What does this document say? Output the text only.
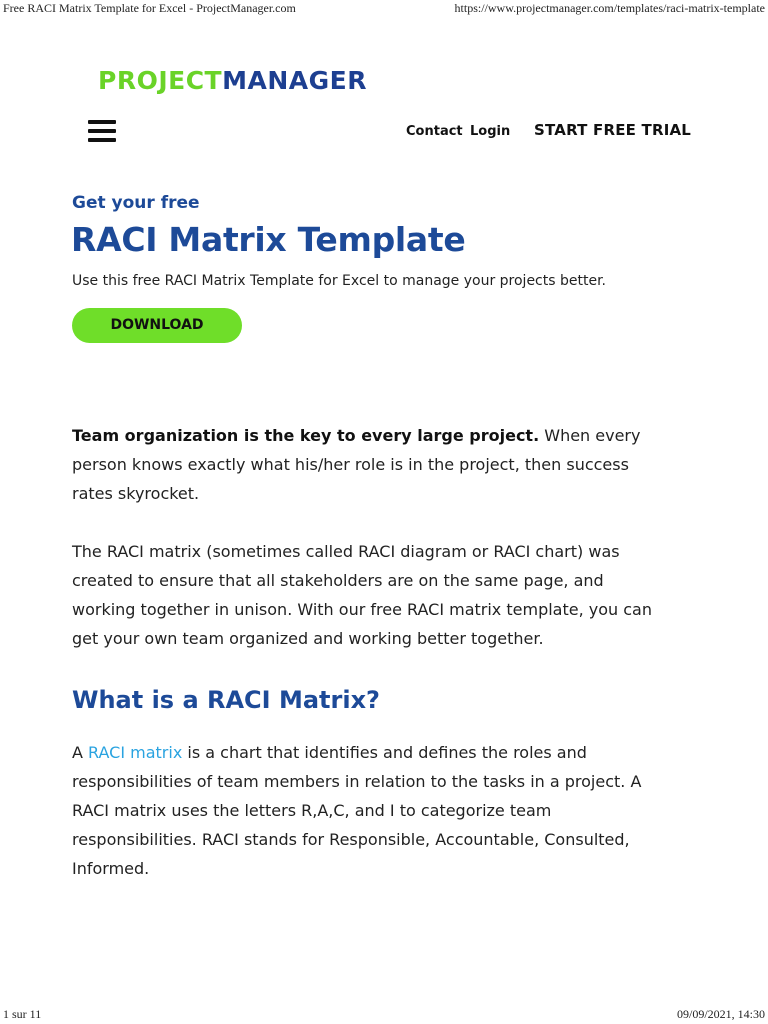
Free RACI Matrix Template for Excel - ProjectManager.com	https://www.projectmanager.com/templates/raci-matrix-template
PROJECTMANAGER
Contact Login START FREE TRIAL
Get your free
RACI Matrix Template
Use this free RACI Matrix Template for Excel to manage your projects better.
DOWNLOAD
Team organization is the key to every large project. When every
person knows exactly what his/her role is in the project, then success
rates skyrocket.
The RACI matrix (sometimes called RACI diagram or RACI chart) was
created to ensure that all stakeholders are on the same page, and
working together in unison. With our free RACI matrix template, you can
get your own team organized and working better together.
What is a RACI Matrix?
A RACI matrix is a chart that identifies and defines the roles and
responsibilities of team members in relation to the tasks in a project. A
RACI matrix uses the letters R,A,C, and I to categorize team
responsibilities. RACI stands for Responsible, Accountable, Consulted,
Informed.
1 sur 11	09/09/2021, 14:30
